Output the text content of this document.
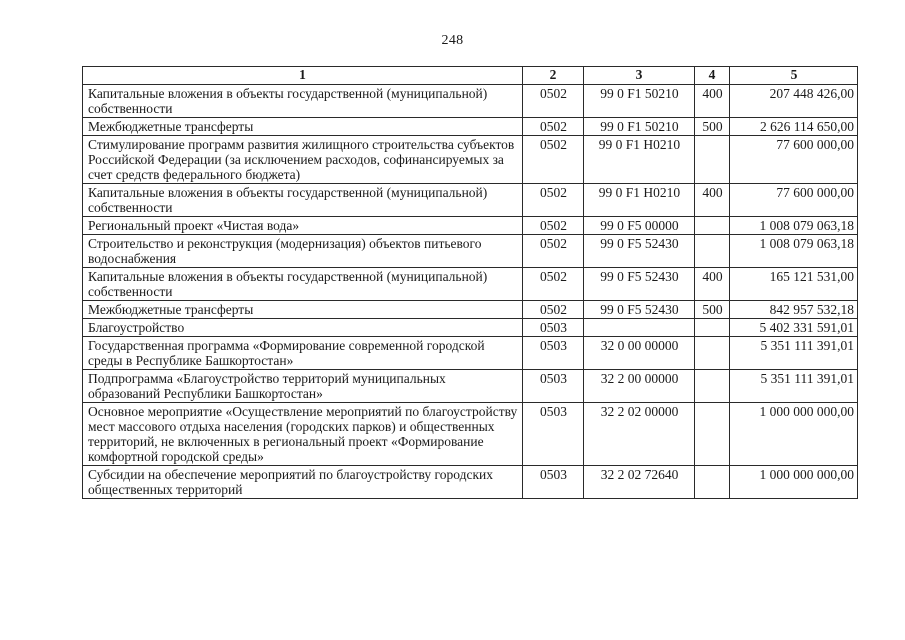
248
1	2	3	4	5
Капитальные вложения в объекты государственной (муниципальной) собственности	0502	99 0 F1 50210	400	207 448 426,00
Межбюджетные трансферты	0502	99 0 F1 50210	500	2 626 114 650,00
Стимулирование программ развития жилищного строительства субъектов Российской Федерации (за исключением расходов, софинансируемых за счет средств федерального бюджета)	0502	99 0 F1 H0210		77 600 000,00
Капитальные вложения в объекты государственной (муниципальной) собственности	0502	99 0 F1 H0210	400	77 600 000,00
Региональный проект «Чистая вода»	0502	99 0 F5 00000		1 008 079 063,18
Строительство и реконструкция (модернизация) объектов питьевого водоснабжения	0502	99 0 F5 52430		1 008 079 063,18
Капитальные вложения в объекты государственной (муниципальной) собственности	0502	99 0 F5 52430	400	165 121 531,00
Межбюджетные трансферты	0502	99 0 F5 52430	500	842 957 532,18
Благоустройство	0503			5 402 331 591,01
Государственная программа «Формирование современной городской среды в Республике Башкортостан»	0503	32 0 00 00000		5 351 111 391,01
Подпрограмма «Благоустройство территорий муниципальных образований Республики Башкортостан»	0503	32 2 00 00000		5 351 111 391,01
Основное мероприятие «Осуществление мероприятий по благоустройству мест массового отдыха населения (городских парков) и общественных территорий, не включенных в региональный проект «Формирование комфортной городской среды»	0503	32 2 02 00000		1 000 000 000,00
Субсидии на обеспечение мероприятий по благоустройству городских общественных территорий	0503	32 2 02 72640		1 000 000 000,00
